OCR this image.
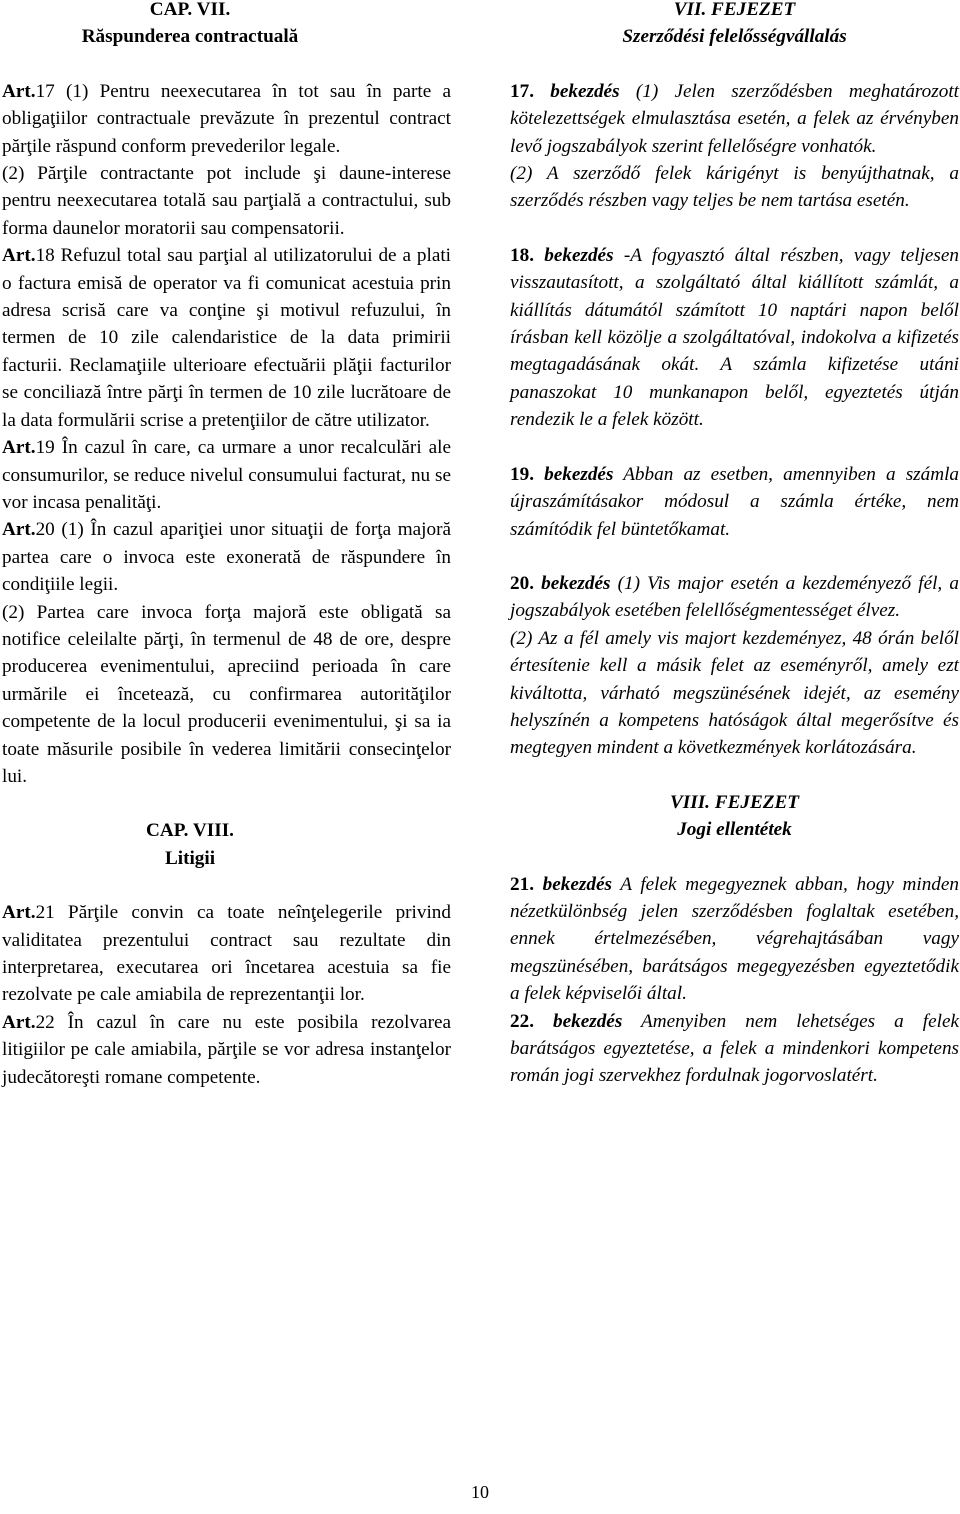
CAP. VII.

Răspunderea contractuală

Art.17 (1) Pentru neexecutarea în tot sau în parte a obligaţiilor contractuale prevăzute în prezentul contract părţile răspund conform prevederilor legale.

(2) Părţile contractante pot include şi daune-interese pentru neexecutarea totală sau parţială a contractului, sub forma daunelor moratorii sau compensatorii.

Art.18 Refuzul total sau parţial al utilizatorului de a plati o factura emisă de operator va fi comunicat acestuia prin adresa scrisă care va conţine şi motivul refuzului, în termen de 10 zile calendaristice de la data primirii facturii. Reclamaţiile ulterioare efectuării plăţii facturilor se conciliază între părţi în termen de 10 zile lucrătoare de la data formulării scrise a pretenţiilor de către utilizator.

Art.19 În cazul în care, ca urmare a unor recalculări ale consumurilor, se reduce nivelul consumului facturat, nu se vor incasa penalităţi.

Art.20 (1) În cazul apariţiei unor situaţii de forţa majoră partea care o invoca este exonerată de răspundere în condiţiile legii.

(2) Partea care invoca forţa majoră este obligată sa notifice celeilalte părţi, în termenul de 48 de ore, despre producerea evenimentului, apreciind perioada în care urmările ei încetează, cu confirmarea autorităţilor competente de la locul producerii evenimentului, şi sa ia toate măsurile posibile în vederea limitării consecinţelor lui.

CAP. VIII.

Litigii

Art.21 Părţile convin ca toate neînţelegerile privind validitatea prezentului contract sau rezultate din interpretarea, executarea ori încetarea acestuia sa fie rezolvate pe cale amiabila de reprezentanţii lor.

Art.22 În cazul în care nu este posibila rezolvarea litigiilor pe cale amiabila, părţile se vor adresa instanţelor judecătoreşti romane competente.

VII. FEJEZET

Szerződési felelősségvállalás

17. bekezdés (1) Jelen szerződésben meghatározott kötelezettségek elmulasztása esetén, a felek az érvényben levő jogszabályok szerint fellelőségre vonhatók.

(2) A szerződő felek kárigényt is benyújthatnak, a szerződés részben vagy teljes be nem tartása esetén.

18. bekezdés -A fogyasztó által részben, vagy teljesen visszautasított, a szolgáltató által kiállított számlát, a kiállítás dátumától számított 10 naptári napon belől írásban kell közölje a szolgáltatóval, indokolva a kifizetés megtagadásának okát. A számla kifizetése utáni panaszokat 10 munkanapon belől, egyeztetés útján rendezik le a felek között.

19. bekezdés Abban az esetben, amennyiben a számla újraszámításakor módosul a számla értéke, nem számítódik fel büntetőkamat.

20. bekezdés (1) Vis major esetén a kezdeményező fél, a jogszabályok esetében felellőségmentességet élvez.

(2) Az a fél amely vis majort kezdeményez, 48 órán belől értesítenie kell a másik felet az eseményről, amely ezt kiváltotta, várható megszünésének idejét, az esemény helyszínén a kompetens hatóságok által megerősítve és megtegyen mindent a következmények korlátozására.

VIII. FEJEZET

Jogi ellentétek

21. bekezdés A felek megegyeznek abban, hogy minden nézetkülönbség jelen szerződésben foglaltak esetében, ennek értelmezésében, végrehajtásában vagy megszünésében, barátságos megegyezésben egyeztetődik a felek képviselői által.

22. bekezdés Amenyiben nem lehetséges a felek barátságos egyeztetése, a felek a mindenkori kompetens román jogi szervekhez fordulnak jogorvoslatért.

10
